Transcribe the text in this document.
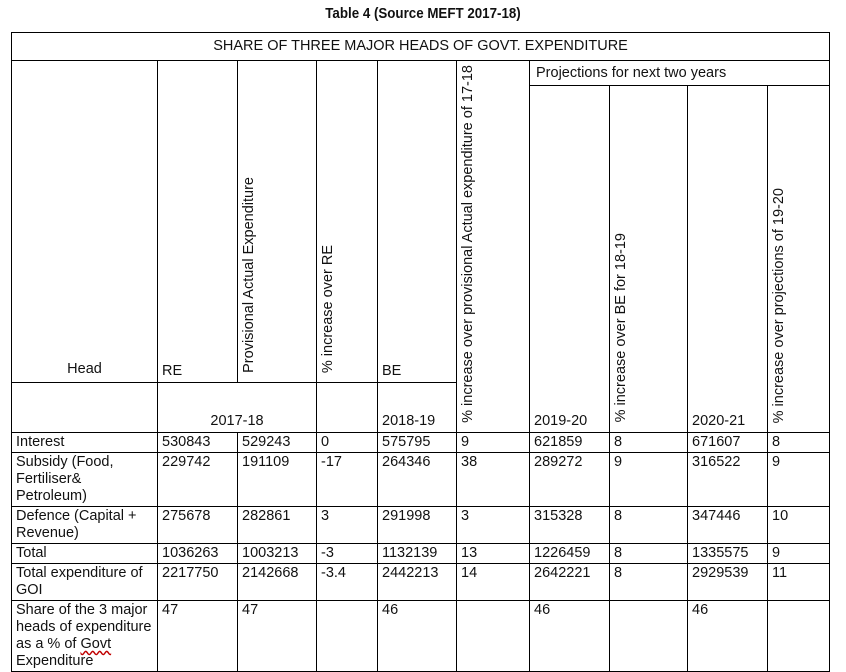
Table 4 (Source MEFT 2017-18)
SHARE OF THREE MAJOR HEADS OF GOVT. EXPENDITURE									
Head	RE	Provisional Actual Expenditure	% increase over RE	BE	% increase over provisional Actual expenditure of 17-18	Projections for next two years			
						2019-20	% increase over BE for 18-19	2020-21	% increase over projections of 19-20
	2017-18			2018-19					
Interest	530843	529243	0	575795	9	621859	8	671607	8
Subsidy (Food, Fertiliser& Petroleum)	229742	191109	-17	264346	38	289272	9	316522	9
Defence (Capital + Revenue)	275678	282861	3	291998	3	315328	8	347446	10
Total	1036263	1003213	-3	1132139	13	1226459	8	1335575	9
Total expenditure of GOI	2217750	2142668	-3.4	2442213	14	2642221	8	2929539	11
Share of the 3 major heads of expenditure as a % of Govt Expenditure	47	47		46		46		46	
